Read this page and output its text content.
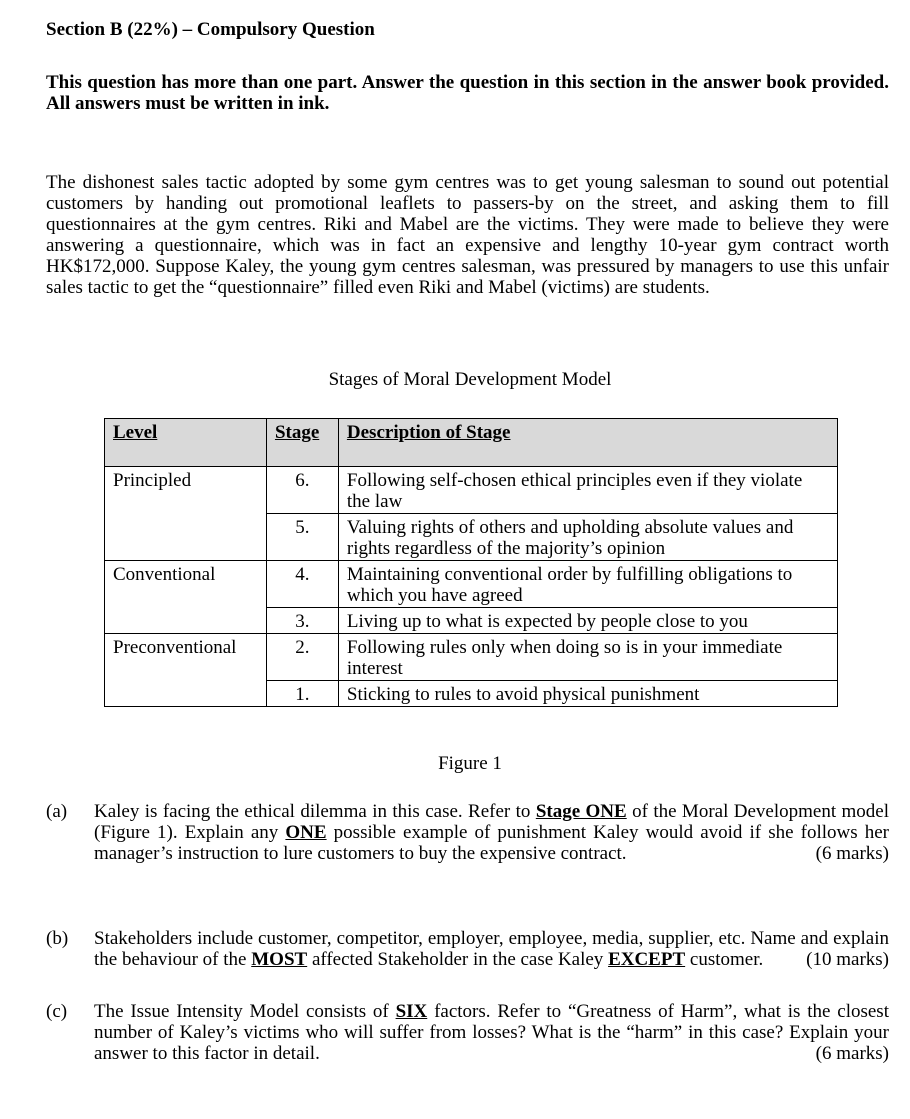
Section B (22%) – Compulsory Question

This question has more than one part. Answer the question in this section in the answer book provided. All answers must be written in ink.

The dishonest sales tactic adopted by some gym centres was to get young salesman to sound out potential customers by handing out promotional leaflets to passers-by on the street, and asking them to fill questionnaires at the gym centres. Riki and Mabel are the victims. They were made to believe they were answering a questionnaire, which was in fact an expensive and lengthy 10-year gym contract worth HK$172,000. Suppose Kaley, the young gym centres salesman, was pressured by managers to use this unfair sales tactic to get the “questionnaire” filled even Riki and Mabel (victims) are students.

Stages of Moral Development Model
Level	Stage	Description of Stage
Principled	6.	Following self-chosen ethical principles even if they violate the law
	5.	Valuing rights of others and upholding absolute values and rights regardless of the majority’s opinion
Conventional	4.	Maintaining conventional order by fulfilling obligations to which you have agreed
	3.	Living up to what is expected by people close to you
Preconventional	2.	Following rules only when doing so is in your immediate interest
	1.	Sticking to rules to avoid physical punishment
Figure 1
(a)	Kaley is facing the ethical dilemma in this case. Refer to Stage ONE of the Moral Development model (Figure 1). Explain any ONE possible example of punishment Kaley would avoid if she follows her manager’s instruction to lure customers to buy the expensive contract.	(6 marks)
(b)	Stakeholders include customer, competitor, employer, employee, media, supplier, etc. Name and explain the behaviour of the MOST affected Stakeholder in the case Kaley EXCEPT customer. (10 marks)
(c)	The Issue Intensity Model consists of SIX factors. Refer to “Greatness of Harm”, what is the closest number of Kaley’s victims who will suffer from losses? What is the “harm” in this case? Explain your answer to this factor in detail.	(6 marks)
